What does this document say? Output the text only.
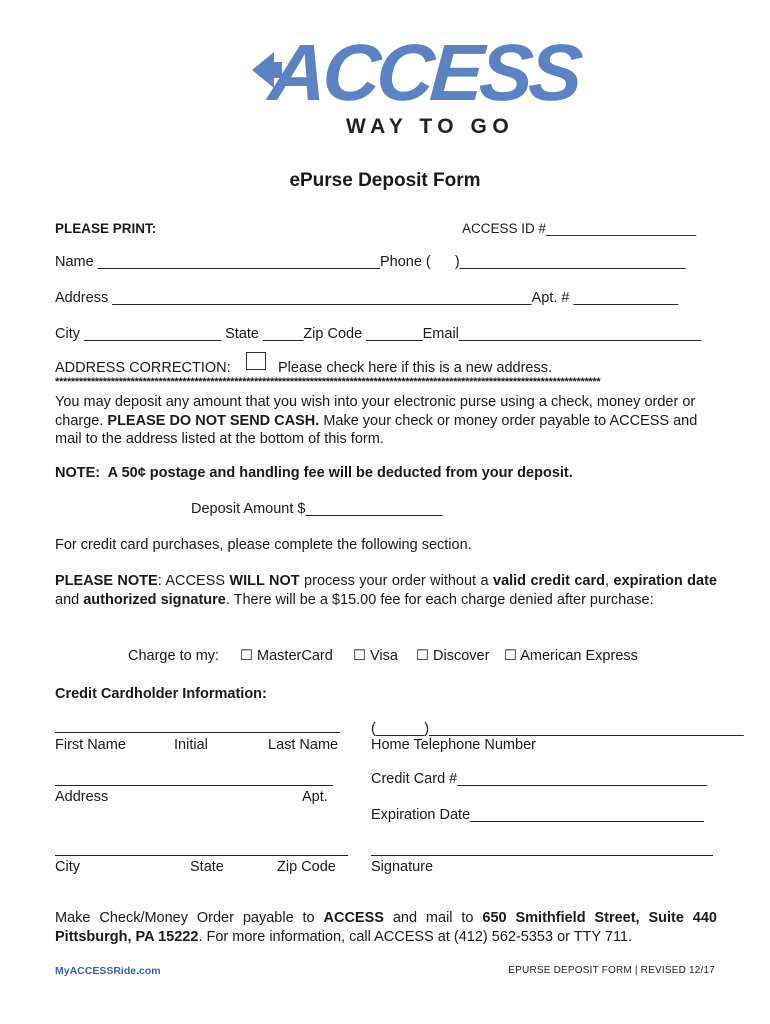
ACCESS
WAY TO GO
ePurse Deposit Form
PLEASE PRINT:	ACCESS ID #____________________
Name ___________________________________Phone (      )____________________________
Address ____________________________________________________Apt. # _____________
City _________________ State _____Zip Code _______Email______________________________
ADDRESS CORRECTION:	Please check here if this is a new address.
*****************************************************************************************************************************************
You may deposit any amount that you wish into your electronic purse using a check, money order or charge. PLEASE DO NOT SEND CASH. Make your check or money order payable to ACCESS and mail to the address listed at the bottom of this form.
NOTE:  A 50¢ postage and handling fee will be deducted from your deposit.
Deposit Amount $_________________
For credit card purchases, please complete the following section.
PLEASE NOTE: ACCESS WILL NOT process your order without a valid credit card, expiration date and authorized signature. There will be a $15.00 fee for each charge denied after purchase:
Charge to my: ☐ MasterCard ☐ Visa ☐ Discover ☐ American Express
Credit Cardholder Information:
First Name	Initial	Last Name
Address	Apt.
City	State	Zip Code
(______)_______________________________________
Home Telephone Number
Credit Card #_______________________________
Expiration Date_____________________________
Signature
Make Check/Money Order payable to ACCESS and mail to 650 Smithfield Street, Suite 440 Pittsburgh, PA 15222. For more information, call ACCESS at (412) 562-5353 or TTY 711.
MyACCESSRide.com	EPURSE DEPOSIT FORM | REVISED 12/17
